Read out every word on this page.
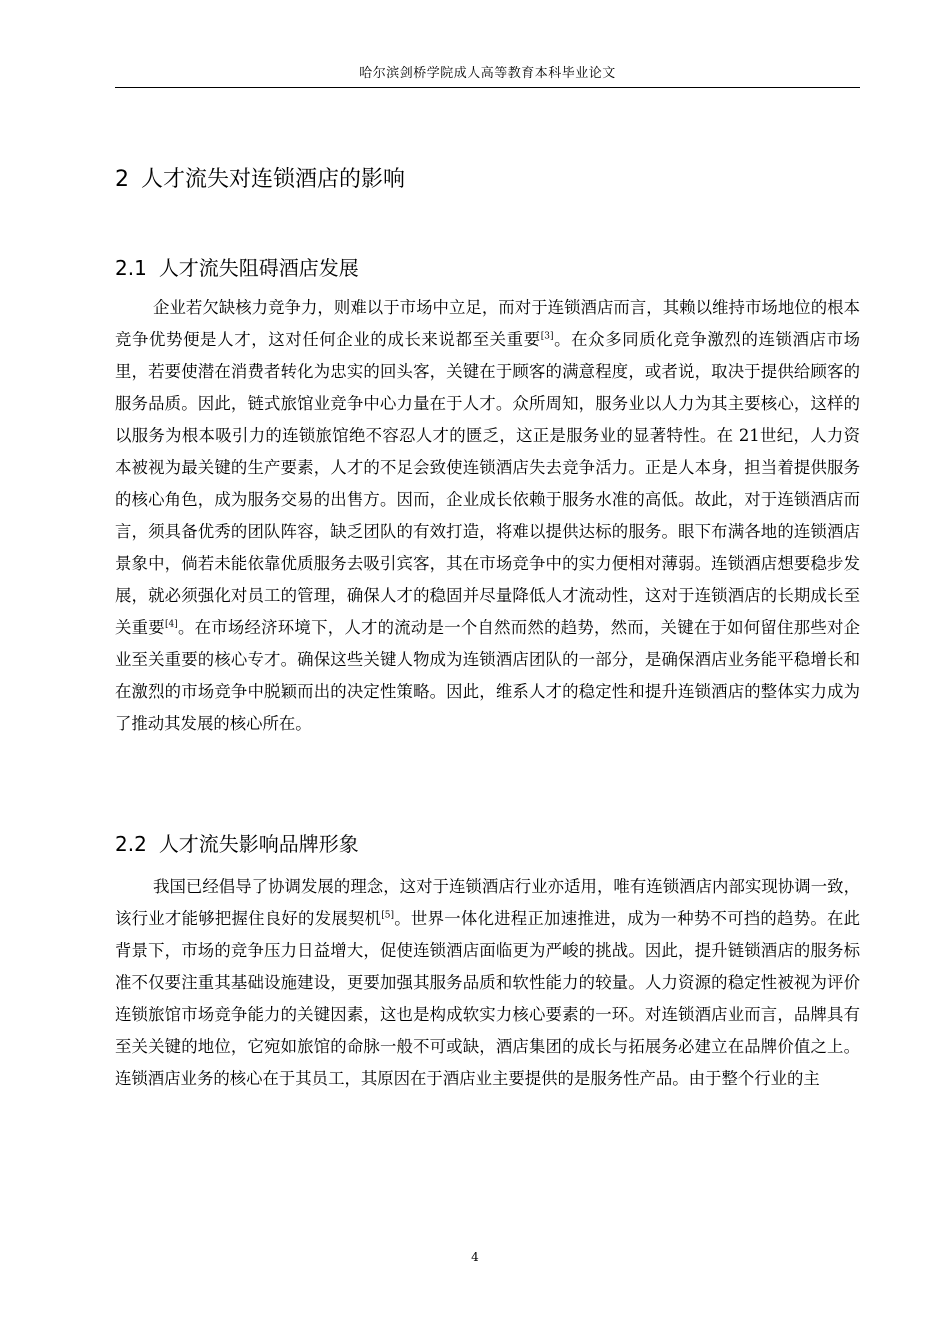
哈尔滨剑桥学院成人高等教育本科毕业论文
2 人才流失对连锁酒店的影响
2.1 人才流失阻碍酒店发展
企业若欠缺核力竞争力，则难以于市场中立足，而对于连锁酒店而言，其赖以维持市场地位的根本竞争优势便是人才，这对任何企业的成长来说都至关重要[3]。在众多同质化竞争激烈的连锁酒店市场里，若要使潜在消费者转化为忠实的回头客，关键在于顾客的满意程度，或者说，取决于提供给顾客的服务品质。因此，链式旅馆业竞争中心力量在于人才。众所周知，服务业以人力为其主要核心，这样的以服务为根本吸引力的连锁旅馆绝不容忍人才的匮乏，这正是服务业的显著特性。在 21世纪，人力资本被视为最关键的生产要素，人才的不足会致使连锁酒店失去竞争活力。正是人本身，担当着提供服务的核心角色，成为服务交易的出售方。因而，企业成长依赖于服务水准的高低。故此，对于连锁酒店而言，须具备优秀的团队阵容，缺乏团队的有效打造，将难以提供达标的服务。眼下布满各地的连锁酒店景象中，倘若未能依靠优质服务去吸引宾客，其在市场竞争中的实力便相对薄弱。连锁酒店想要稳步发展，就必须强化对员工的管理，确保人才的稳固并尽量降低人才流动性，这对于连锁酒店的长期成长至关重要[4]。在市场经济环境下，人才的流动是一个自然而然的趋势，然而，关键在于如何留住那些对企业至关重要的核心专才。确保这些关键人物成为连锁酒店团队的一部分，是确保酒店业务能平稳增长和在激烈的市场竞争中脱颖而出的决定性策略。因此，维系人才的稳定性和提升连锁酒店的整体实力成为了推动其发展的核心所在。
2.2 人才流失影响品牌形象
我国已经倡导了协调发展的理念，这对于连锁酒店行业亦适用，唯有连锁酒店内部实现协调一致，该行业才能够把握住良好的发展契机[5]。世界一体化进程正加速推进，成为一种势不可挡的趋势。在此背景下，市场的竞争压力日益增大，促使连锁酒店面临更为严峻的挑战。因此，提升链锁酒店的服务标准不仅要注重其基础设施建设，更要加强其服务品质和软性能力的较量。人力资源的稳定性被视为评价连锁旅馆市场竞争能力的关键因素，这也是构成软实力核心要素的一环。对连锁酒店业而言，品牌具有至关关键的地位，它宛如旅馆的命脉一般不可或缺，酒店集团的成长与拓展务必建立在品牌价值之上。连锁酒店业务的核心在于其员工，其原因在于酒店业主要提供的是服务性产品。由于整个行业的主
4
